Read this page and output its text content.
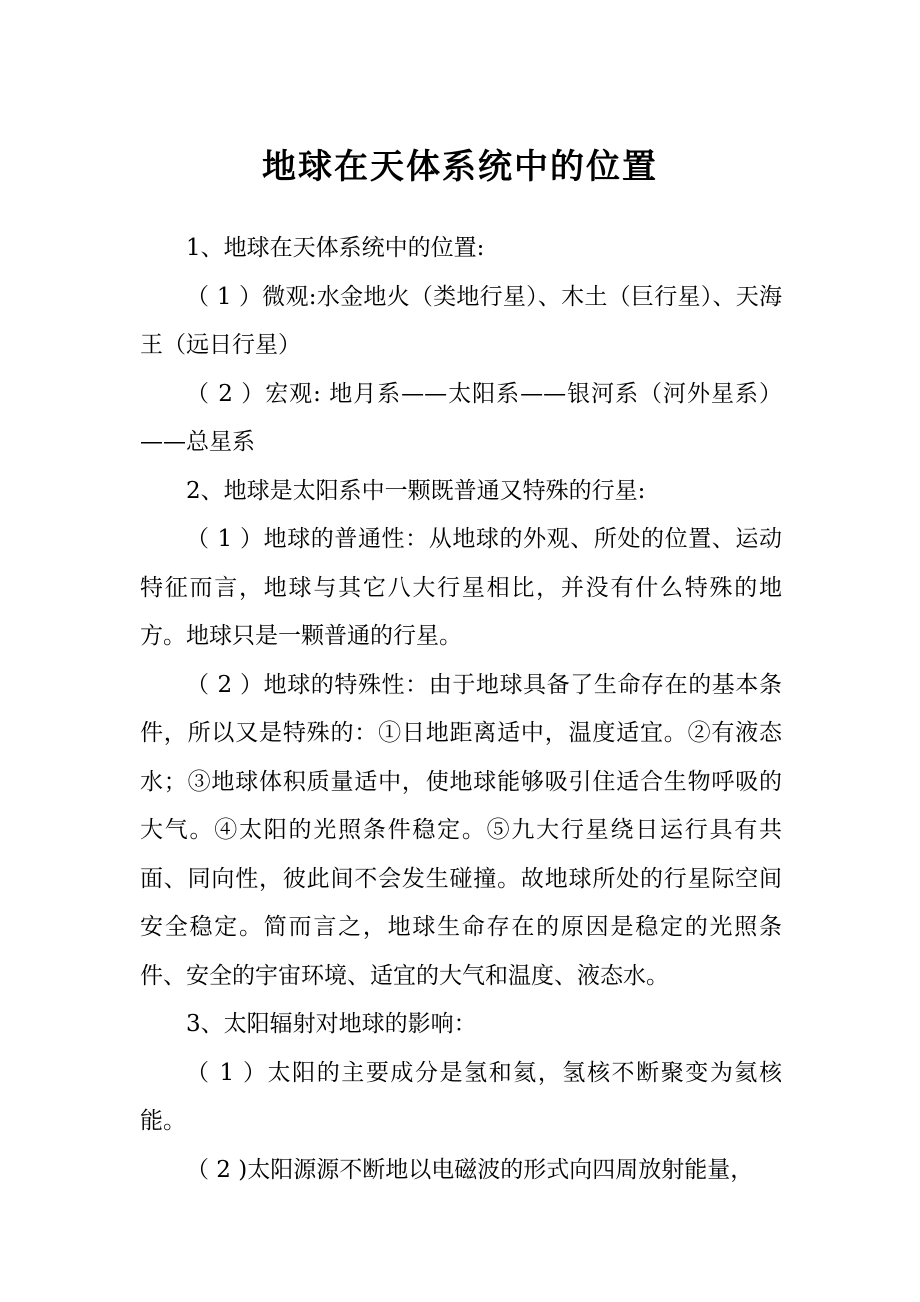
地球在天体系统中的位置

1、地球在天体系统中的位置:

（ 1 ）微观:水金地火（类地行星）、木土（巨行星）、天海王（远日行星）

（ 2 ）宏观: 地月系——太阳系——银河系（河外星系）——总星系

2、地球是太阳系中一颗既普通又特殊的行星:

（ 1 ）地球的普通性：从地球的外观、所处的位置、运动特征而言，地球与其它八大行星相比，并没有什么特殊的地方。地球只是一颗普通的行星。

（ 2 ）地球的特殊性：由于地球具备了生命存在的基本条件，所以又是特殊的：①日地距离适中，温度适宜。②有液态水；③地球体积质量适中，使地球能够吸引住适合生物呼吸的大气。④太阳的光照条件稳定。⑤九大行星绕日运行具有共面、同向性，彼此间不会发生碰撞。故地球所处的行星际空间安全稳定。简而言之，地球生命存在的原因是稳定的光照条件、安全的宇宙环境、适宜的大气和温度、液态水。

3、太阳辐射对地球的影响：

（ 1 ）太阳的主要成分是氢和氦，氢核不断聚变为氦核能。

（ 2 )太阳源源不断地以电磁波的形式向四周放射能量，
